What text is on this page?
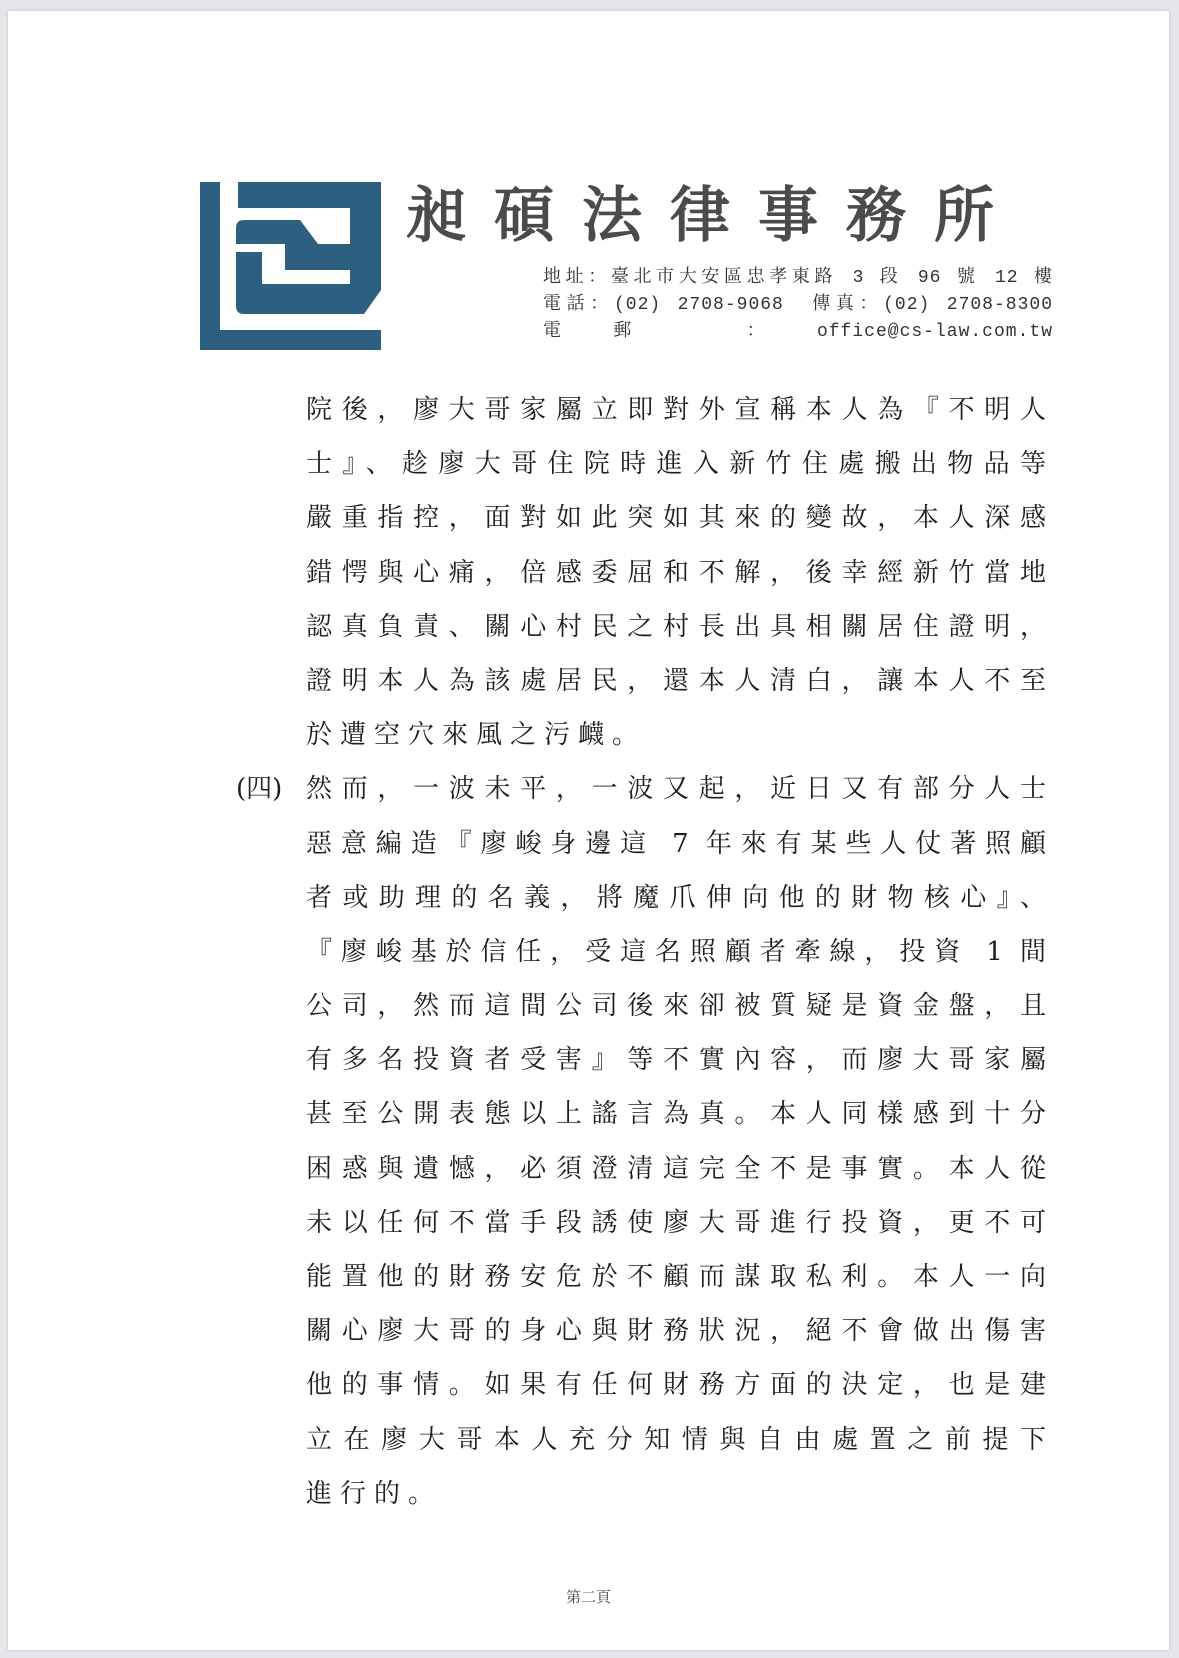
昶碩法律事務所
地址：臺北市大安區忠孝東路 3 段 96 號 12 樓
電話：(02) 2708-9068　傳真：(02) 2708-8300
電郵 ：office@cs-law.com.tw
院後，廖大哥家屬立即對外宣稱本人為『不明人
士』、趁廖大哥住院時進入新竹住處搬出物品等
嚴重指控，面對如此突如其來的變故，本人深感
錯愕與心痛，倍感委屈和不解，後幸經新竹當地
認真負責、關心村民之村長出具相關居住證明，
證明本人為該處居民，還本人清白，讓本人不至
於遭空穴來風之污衊。
然而，一波未平，一波又起，近日又有部分人士
惡意編造『廖峻身邊這 7 年來有某些人仗著照顧
者或助理的名義，將魔爪伸向他的財物核心』、
『廖峻基於信任，受這名照顧者牽線，投資 1 間
公司，然而這間公司後來卻被質疑是資金盤，且
有多名投資者受害』等不實內容，而廖大哥家屬
甚至公開表態以上謠言為真。本人同樣感到十分
困惑與遺憾，必須澄清這完全不是事實。本人從
未以任何不當手段誘使廖大哥進行投資，更不可
能置他的財務安危於不顧而謀取私利。本人一向
關心廖大哥的身心與財務狀況，絕不會做出傷害
他的事情。如果有任何財務方面的決定，也是建
立在廖大哥本人充分知情與自由處置之前提下
進行的。
(四)
第二頁
